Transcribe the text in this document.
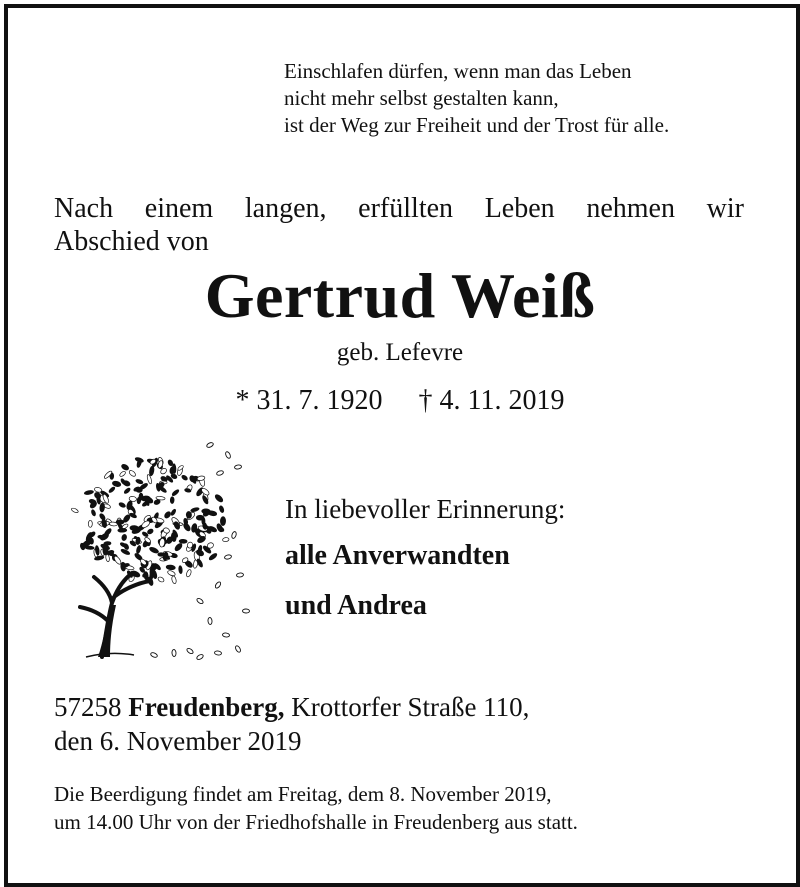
Einschlafen dürfen, wenn man das Leben
nicht mehr selbst gestalten kann,
ist der Weg zur Freiheit und der Trost für alle.
Nach einem langen, erfüllten Leben nehmen wir
Abschied von
Gertrud Weiß
geb. Lefevre
* 31. 7. 1920 † 4. 11. 2019
In liebevoller Erinnerung:
alle Anverwandten
und Andrea
57258 Freudenberg, Krottorfer Straße 110,
den 6. November 2019
Die Beerdigung findet am Freitag, dem 8. November 2019,
um 14.00 Uhr von der Friedhofshalle in Freudenberg aus statt.
